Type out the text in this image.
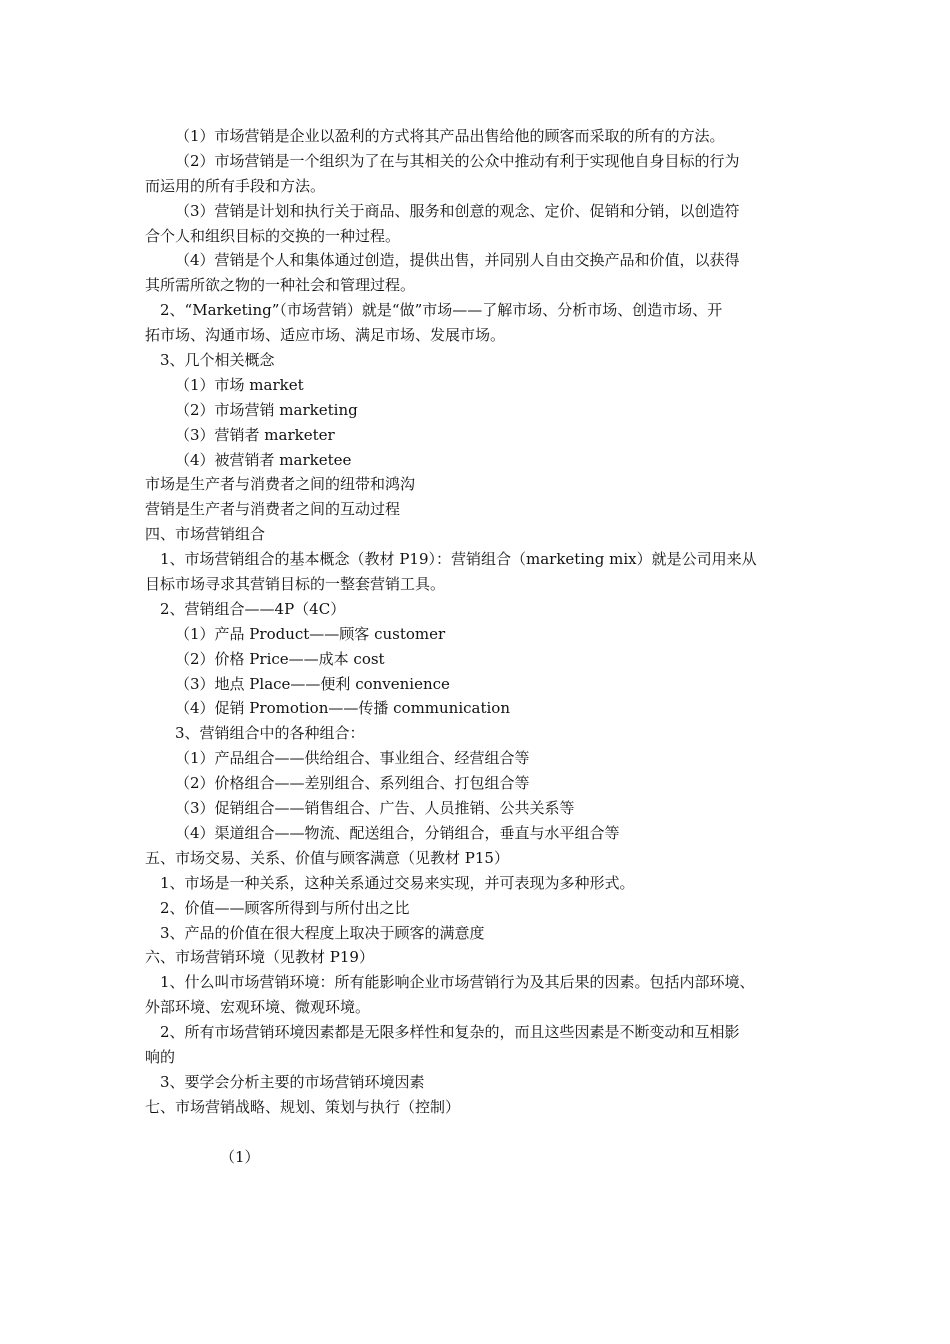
（1）市场营销是企业以盈利的方式将其产品出售给他的顾客而采取的所有的方法。
（2）市场营销是一个组织为了在与其相关的公众中推动有利于实现他自身目标的行为
而运用的所有手段和方法。
（3）营销是计划和执行关于商品、服务和创意的观念、定价、促销和分销，以创造符
合个人和组织目标的交换的一种过程。
（4）营销是个人和集体通过创造，提供出售，并同别人自由交换产品和价值，以获得
其所需所欲之物的一种社会和管理过程。
2、“Marketing”（市场营销）就是“做”市场——了解市场、分析市场、创造市场、开
拓市场、沟通市场、适应市场、满足市场、发展市场。
3、几个相关概念
（1）市场 market
（2）市场营销 marketing
（3）营销者 marketer
（4）被营销者 marketee
市场是生产者与消费者之间的纽带和鸿沟
营销是生产者与消费者之间的互动过程
四、市场营销组合
1、市场营销组合的基本概念（教材 P19）：营销组合（marketing mix）就是公司用来从
目标市场寻求其营销目标的一整套营销工具。
2、营销组合——4P（4C）
（1）产品 Product——顾客 customer
（2）价格 Price——成本 cost
（3）地点 Place——便利 convenience
（4）促销 Promotion——传播 communication
3、营销组合中的各种组合：
（1）产品组合——供给组合、事业组合、经营组合等
（2）价格组合——差别组合、系列组合、打包组合等
（3）促销组合——销售组合、广告、人员推销、公共关系等
（4）渠道组合——物流、配送组合，分销组合，垂直与水平组合等
五、市场交易、关系、价值与顾客满意（见教材 P15）
1、市场是一种关系，这种关系通过交易来实现，并可表现为多种形式。
2、价值——顾客所得到与所付出之比
3、产品的价值在很大程度上取决于顾客的满意度
六、市场营销环境（见教材 P19）
1、什么叫市场营销环境：所有能影响企业市场营销行为及其后果的因素。包括内部环境、
外部环境、宏观环境、微观环境。
2、所有市场营销环境因素都是无限多样性和复杂的，而且这些因素是不断变动和互相影
响的
3、要学会分析主要的市场营销环境因素
七、市场营销战略、规划、策划与执行（控制）
（1）
